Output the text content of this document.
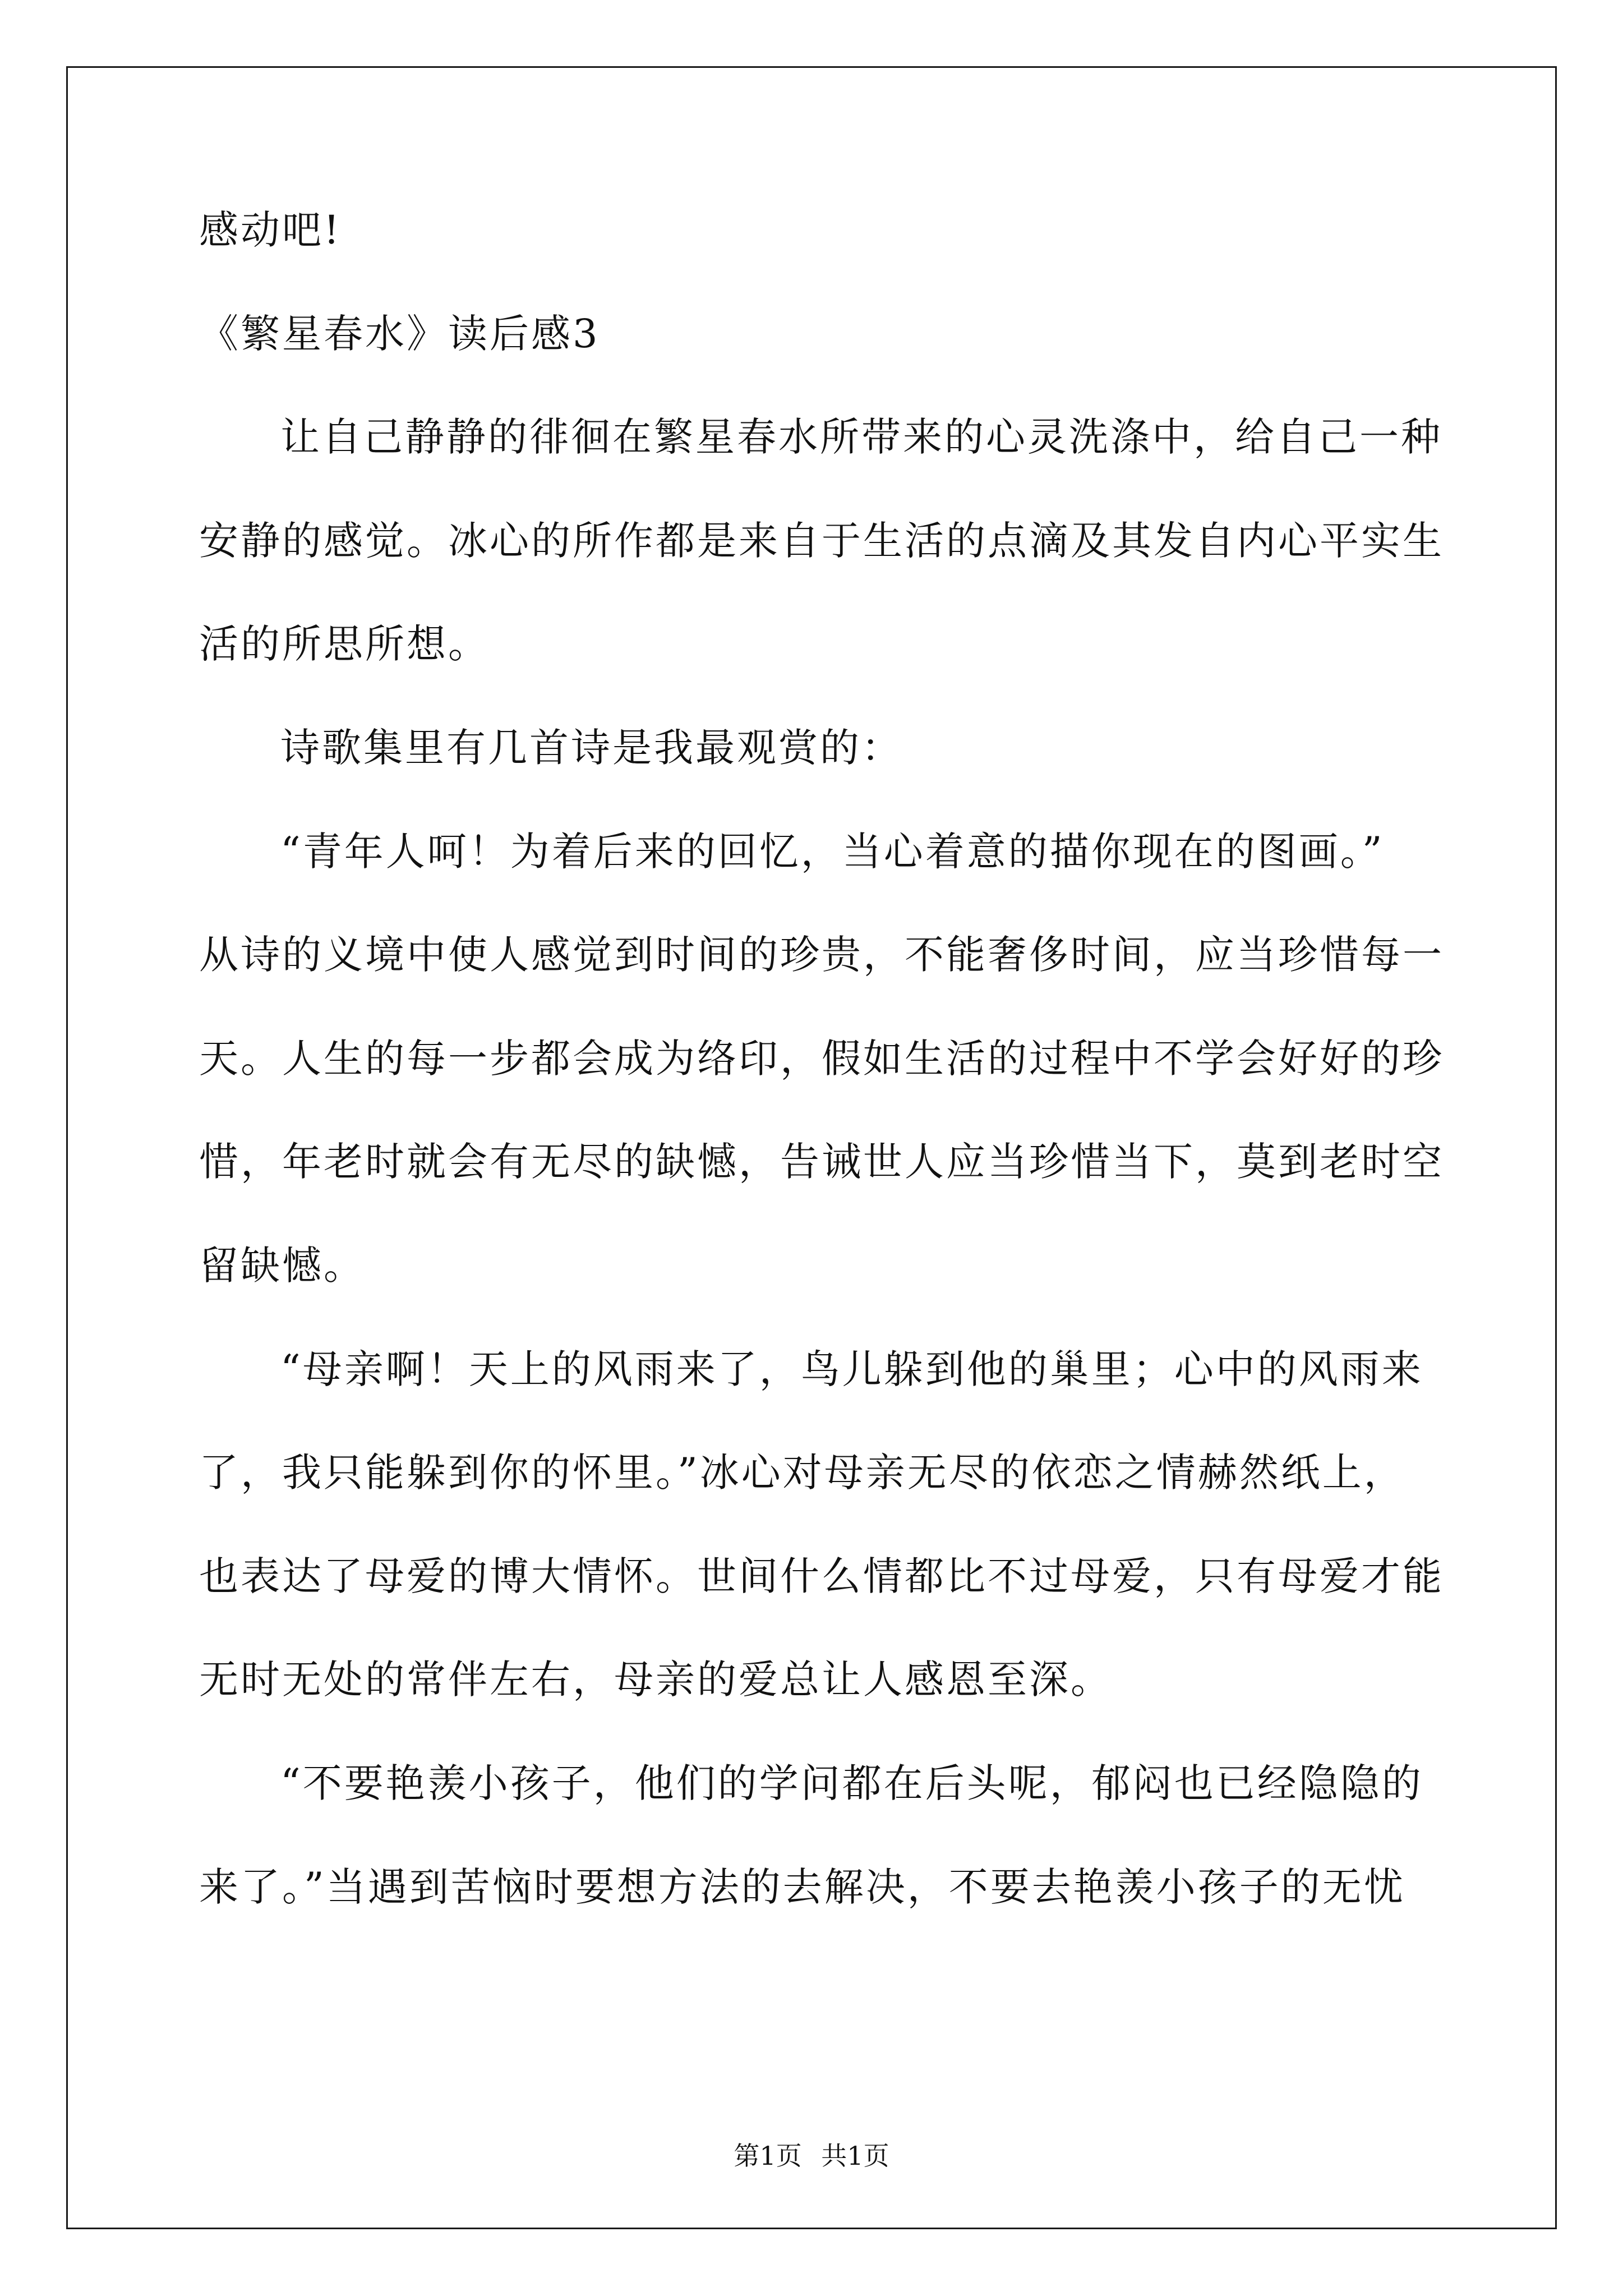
感动吧!
《繁星春水》读后感3
让自己静静的徘徊在繁星春水所带来的心灵洗涤中，给自己一种
安静的感觉。冰心的所作都是来自于生活的点滴及其发自内心平实生
活的所思所想。
诗歌集里有几首诗是我最观赏的：
“青年人呵！为着后来的回忆，当心着意的描你现在的图画。”
从诗的义境中使人感觉到时间的珍贵，不能奢侈时间，应当珍惜每一
天。人生的每一步都会成为络印，假如生活的过程中不学会好好的珍
惜，年老时就会有无尽的缺憾，告诫世人应当珍惜当下，莫到老时空
留缺憾。
“母亲啊！天上的风雨来了，鸟儿躲到他的巢里；心中的风雨来
了，我只能躲到你的怀里。”冰心对母亲无尽的依恋之情赫然纸上，
也表达了母爱的博大情怀。世间什么情都比不过母爱，只有母爱才能
无时无处的常伴左右，母亲的爱总让人感恩至深。
“不要艳羡小孩子，他们的学问都在后头呢，郁闷也已经隐隐的
来了。”当遇到苦恼时要想方法的去解决，不要去艳羡小孩子的无忧
第1页 共1页
